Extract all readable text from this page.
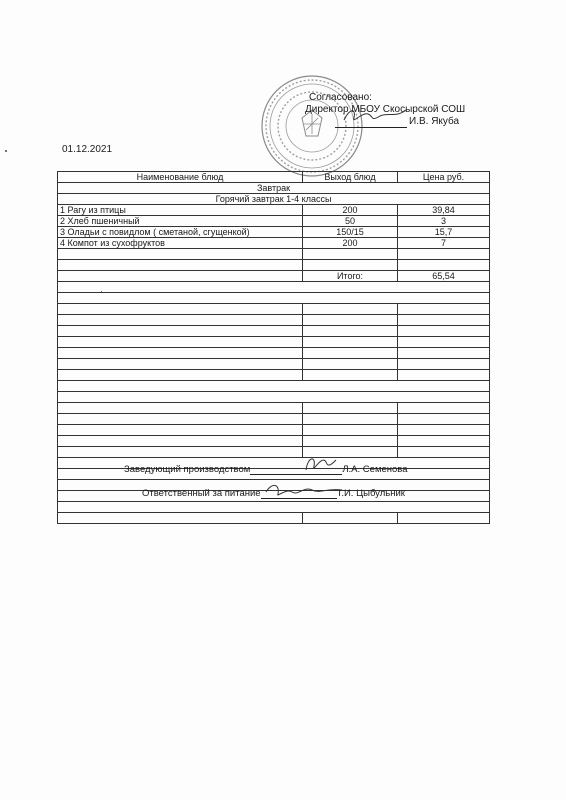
Согласовано:
Директор МБОУ Скосырской СОШ
И.В. Якуба
01.12.2021
Наименование блюд	Выход блюд	Цена руб.
Завтрак		
Горячий завтрак 1-4 классы		
1 Рагу из птицы	200	39,84
2 Хлеб пшеничный	50	3
3 Оладьи с повидлом ( сметаной, сгущенкой)	150/15	15,7
4 Компот из сухофруктов	200	7

	Итого:	65,54

Заведующий производством	Л.А. Семенова
Ответственный за питание	Т.И. Цыбульник
